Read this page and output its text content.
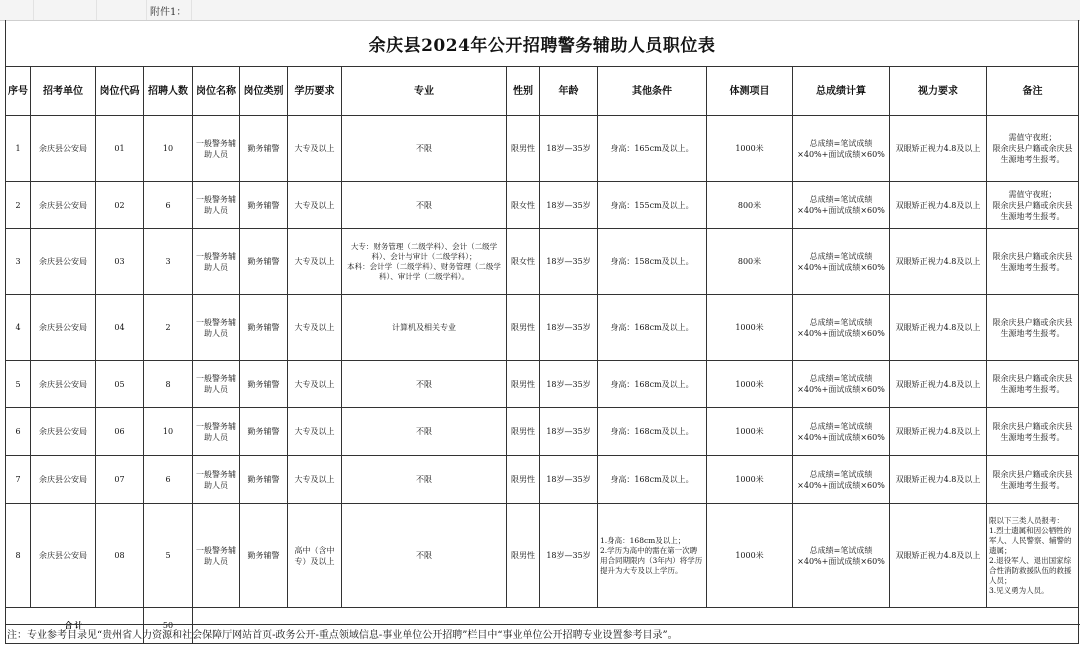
附件1：
余庆县2024年公开招聘警务辅助人员职位表
序号	招考单位	岗位代码	招聘人数	岗位名称	岗位类别	学历要求	专业	性别	年龄	其他条件	体测项目	总成绩计算	视力要求	备注
1	余庆县公安局	01	10	一般警务辅助人员	勤务辅警	大专及以上	不限	限男性	18岁—35岁	身高：165cm及以上。	1000米	总成绩=笔试成绩×40%+面试成绩×60%	双眼矫正视力4.8及以上	需值守夜班；
限余庆县户籍或余庆县生源地考生报考。
2	余庆县公安局	02	6	一般警务辅助人员	勤务辅警	大专及以上	不限	限女性	18岁—35岁	身高：155cm及以上。	800米	总成绩=笔试成绩×40%+面试成绩×60%	双眼矫正视力4.8及以上	需值守夜班；
限余庆县户籍或余庆县生源地考生报考。
3	余庆县公安局	03	3	一般警务辅助人员	勤务辅警	大专及以上	大专：财务管理（二级学科）、会计（二级学科）、会计与审计（二级学科）；
本科：会计学（二级学科）、财务管理（二级学科）、审计学（二级学科）。	限女性	18岁—35岁	身高：158cm及以上。	800米	总成绩=笔试成绩×40%+面试成绩×60%	双眼矫正视力4.8及以上	限余庆县户籍或余庆县生源地考生报考。
4	余庆县公安局	04	2	一般警务辅助人员	勤务辅警	大专及以上	计算机及相关专业	限男性	18岁—35岁	身高：168cm及以上。	1000米	总成绩=笔试成绩×40%+面试成绩×60%	双眼矫正视力4.8及以上	限余庆县户籍或余庆县生源地考生报考。
5	余庆县公安局	05	8	一般警务辅助人员	勤务辅警	大专及以上	不限	限男性	18岁—35岁	身高：168cm及以上。	1000米	总成绩=笔试成绩×40%+面试成绩×60%	双眼矫正视力4.8及以上	限余庆县户籍或余庆县生源地考生报考。
6	余庆县公安局	06	10	一般警务辅助人员	勤务辅警	大专及以上	不限	限男性	18岁—35岁	身高：168cm及以上。	1000米	总成绩=笔试成绩×40%+面试成绩×60%	双眼矫正视力4.8及以上	限余庆县户籍或余庆县生源地考生报考。
7	余庆县公安局	07	6	一般警务辅助人员	勤务辅警	大专及以上	不限	限男性	18岁—35岁	身高：168cm及以上。	1000米	总成绩=笔试成绩×40%+面试成绩×60%	双眼矫正视力4.8及以上	限余庆县户籍或余庆县生源地考生报考。
8	余庆县公安局	08	5	一般警务辅助人员	勤务辅警	高中（含中专）及以上	不限	限男性	18岁—35岁	1.身高：168cm及以上；
2.学历为高中的需在第一次聘用合同期限内（3年内）将学历提升为大专及以上学历。	1000米	总成绩=笔试成绩×40%+面试成绩×60%	双眼矫正视力4.8及以上	限以下三类人员报考：
1.烈士遗属和因公牺牲的军人、人民警察、辅警的遗属；
2.退役军人、退出国家综合性消防救援队伍的救援人员；
3.见义勇为人员。
合计			50											
注：专业参考目录见“贵州省人力资源和社会保障厅网站首页-政务公开-重点领域信息-事业单位公开招聘”栏目中“事业单位公开招聘专业设置参考目录”。
